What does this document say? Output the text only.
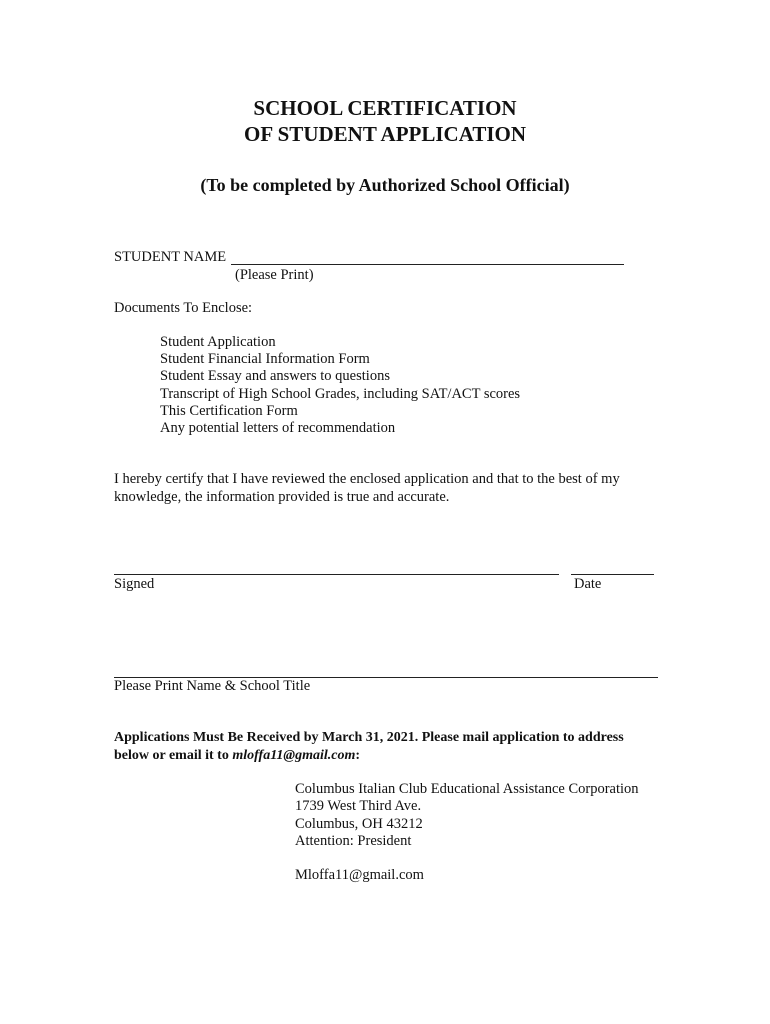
SCHOOL CERTIFICATION
OF STUDENT APPLICATION
(To be completed by Authorized School Official)
STUDENT NAME
(Please Print)
Documents To Enclose:
Student Application
Student Financial Information Form
Student Essay and answers to questions
Transcript of High School Grades, including SAT/ACT scores
This Certification Form
Any potential letters of recommendation
I hereby certify that I have reviewed the enclosed application and that to the best of my knowledge, the information provided is true and accurate.
Signed	Date
Please Print Name & School Title
Applications Must Be Received by March 31, 2021. Please mail application to address below or email it to mloffa11@gmail.com:
Columbus Italian Club Educational Assistance Corporation
1739 West Third Ave.
Columbus, OH 43212
Attention: President
Mloffa11@gmail.com
